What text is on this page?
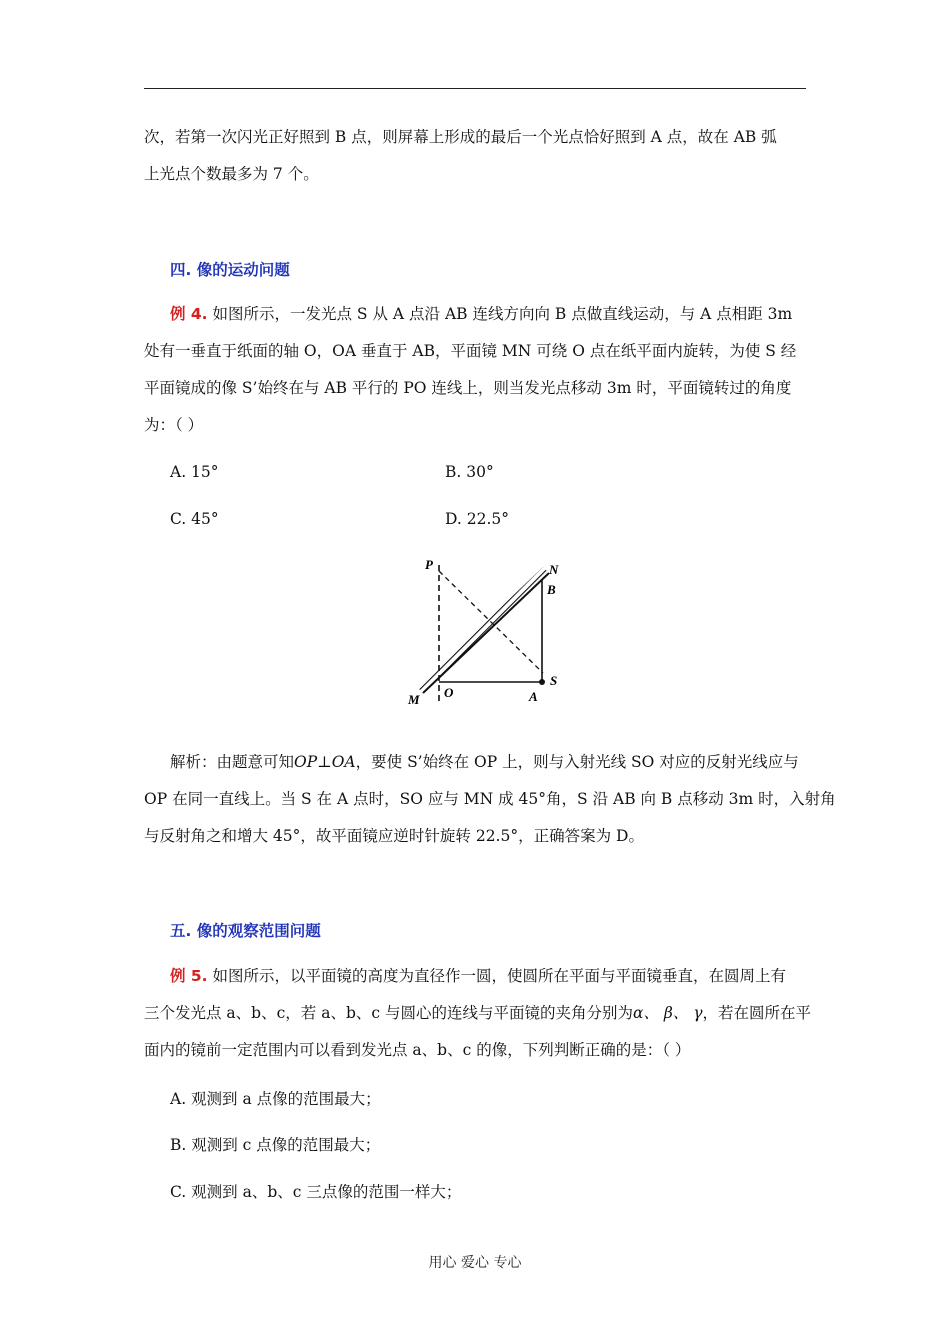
次，若第一次闪光正好照到 B 点，则屏幕上形成的最后一个光点恰好照到 A 点，故在 AB 弧
上光点个数最多为 7 个。
四. 像的运动问题
例 4. 如图所示，一发光点 S 从 A 点沿 AB 连线方向向 B 点做直线运动，与 A 点相距 3m
处有一垂直于纸面的轴 O，OA 垂直于 AB，平面镜 MN 可绕 O 点在纸平面内旋转，为使 S 经
平面镜成的像 S’始终在与 AB 平行的 PO 连线上，则当发光点移动 3m 时，平面镜转过的角度
为：（ ）
A. 15°	B. 30°
C. 45°	D. 22.5°
P	N
B
S
A
O
M
解析：由题意可知OP⊥OA，要使 S’始终在 OP 上，则与入射光线 SO 对应的反射光线应与
OP 在同一直线上。当 S 在 A 点时，SO 应与 MN 成 45°角，S 沿 AB 向 B 点移动 3m 时，入射角
与反射角之和增大 45°，故平面镜应逆时针旋转 22.5°，正确答案为 D。
五. 像的观察范围问题
例 5. 如图所示，以平面镜的高度为直径作一圆，使圆所在平面与平面镜垂直，在圆周上有
三个发光点 a、b、c，若 a、b、c 与圆心的连线与平面镜的夹角分别为α、 β、 γ，若在圆所在平
面内的镜前一定范围内可以看到发光点 a、b、c 的像，下列判断正确的是：（ ）
A. 观测到 a 点像的范围最大；
B. 观测到 c 点像的范围最大；
C. 观测到 a、b、c 三点像的范围一样大；
用心 爱心 专心
